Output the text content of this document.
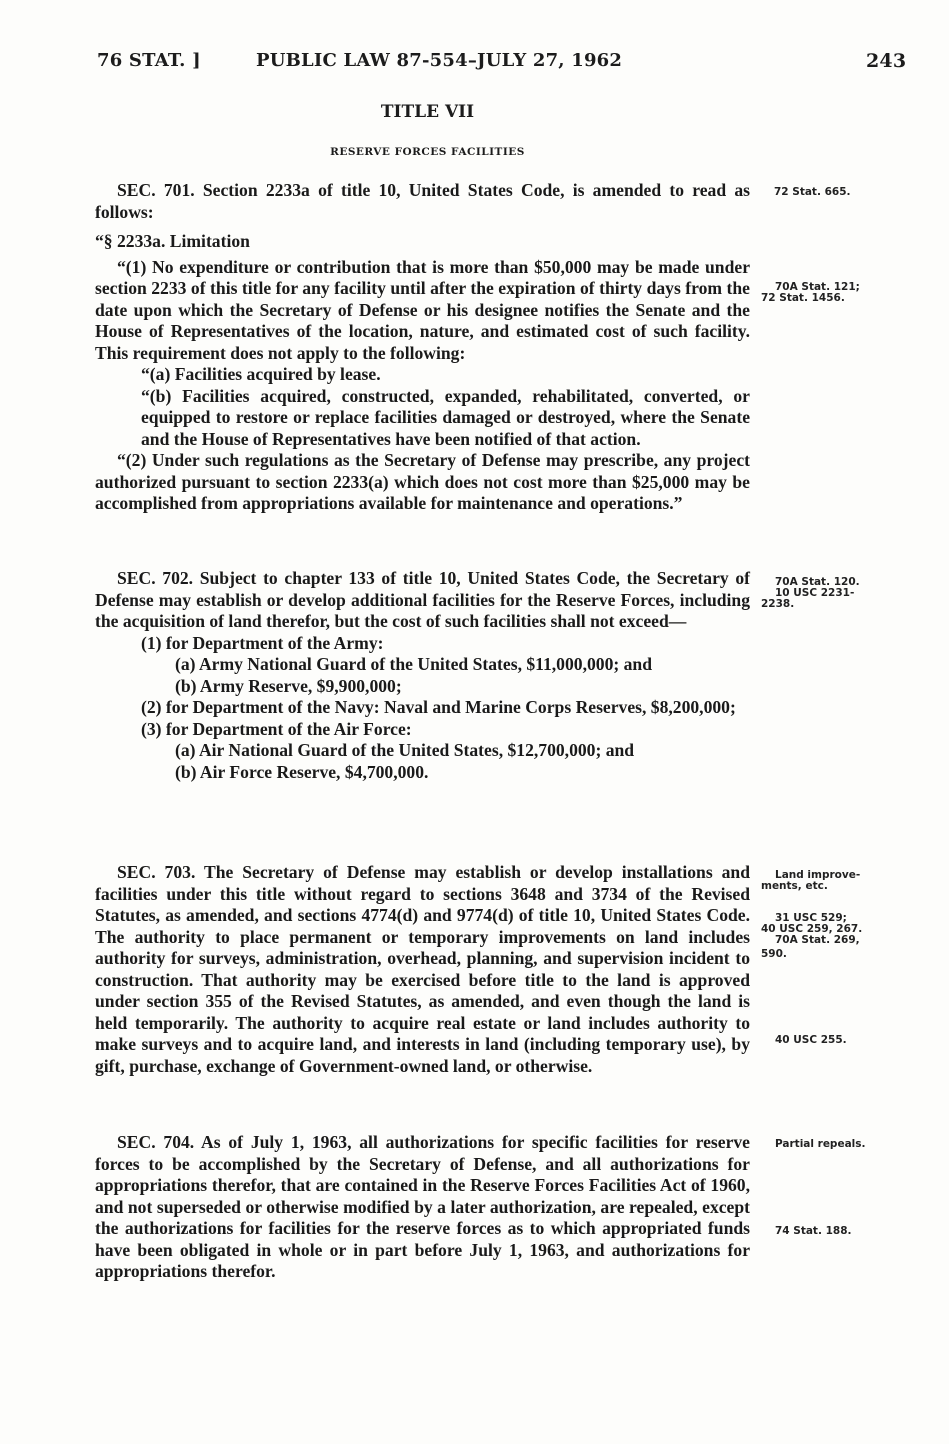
76 STAT. ]	PUBLIC LAW 87-554–JULY 27, 1962	243
TITLE VII
RESERVE FORCES FACILITIES

SEC. 701. Section 2233a of title 10, United States Code, is amended to read as follows:

“§ 2233a. Limitation

“(1) No expenditure or contribution that is more than $50,000 may be made under section 2233 of this title for any facility until after the expiration of thirty days from the date upon which the Secretary of Defense or his designee notifies the Senate and the House of Representatives of the location, nature, and estimated cost of such facility. This requirement does not apply to the following:

“(a) Facilities acquired by lease.

“(b) Facilities acquired, constructed, expanded, rehabilitated, converted, or equipped to restore or replace facilities damaged or destroyed, where the Senate and the House of Representatives have been notified of that action.

“(2) Under such regulations as the Secretary of Defense may prescribe, any project authorized pursuant to section 2233(a) which does not cost more than $25,000 may be accomplished from appropriations available for maintenance and operations.”

SEC. 702. Subject to chapter 133 of title 10, United States Code, the Secretary of Defense may establish or develop additional facilities for the Reserve Forces, including the acquisition of land therefor, but the cost of such facilities shall not exceed—

(1) for Department of the Army:

(a) Army National Guard of the United States, $11,000,000; and

(b) Army Reserve, $9,900,000;

(2) for Department of the Navy: Naval and Marine Corps Reserves, $8,200,000;

(3) for Department of the Air Force:

(a) Air National Guard of the United States, $12,700,000; and

(b) Air Force Reserve, $4,700,000.

SEC. 703. The Secretary of Defense may establish or develop installations and facilities under this title without regard to sections 3648 and 3734 of the Revised Statutes, as amended, and sections 4774(d) and 9774(d) of title 10, United States Code. The authority to place permanent or temporary improvements on land includes authority for surveys, administration, overhead, planning, and supervision incident to construction. That authority may be exercised before title to the land is approved under section 355 of the Revised Statutes, as amended, and even though the land is held temporarily. The authority to acquire real estate or land includes authority to make surveys and to acquire land, and interests in land (including temporary use), by gift, purchase, exchange of Government-owned land, or otherwise.

SEC. 704. As of July 1, 1963, all authorizations for specific facilities for reserve forces to be accomplished by the Secretary of Defense, and all authorizations for appropriations therefor, that are contained in the Reserve Forces Facilities Act of 1960, and not superseded or otherwise modified by a later authorization, are repealed, except the authorizations for facilities for the reserve forces as to which appropriated funds have been obligated in whole or in part before July 1, 1963, and authorizations for appropriations therefor.

72 Stat. 665.
70A Stat. 121;
72 Stat. 1456.
70A Stat. 120.
10 USC 2231-
2238.
Land improve-
ments, etc.
31 USC 529;
40 USC 259, 267.
70A Stat. 269,
590.
40 USC 255.
Partial repeals.
74 Stat. 188.
